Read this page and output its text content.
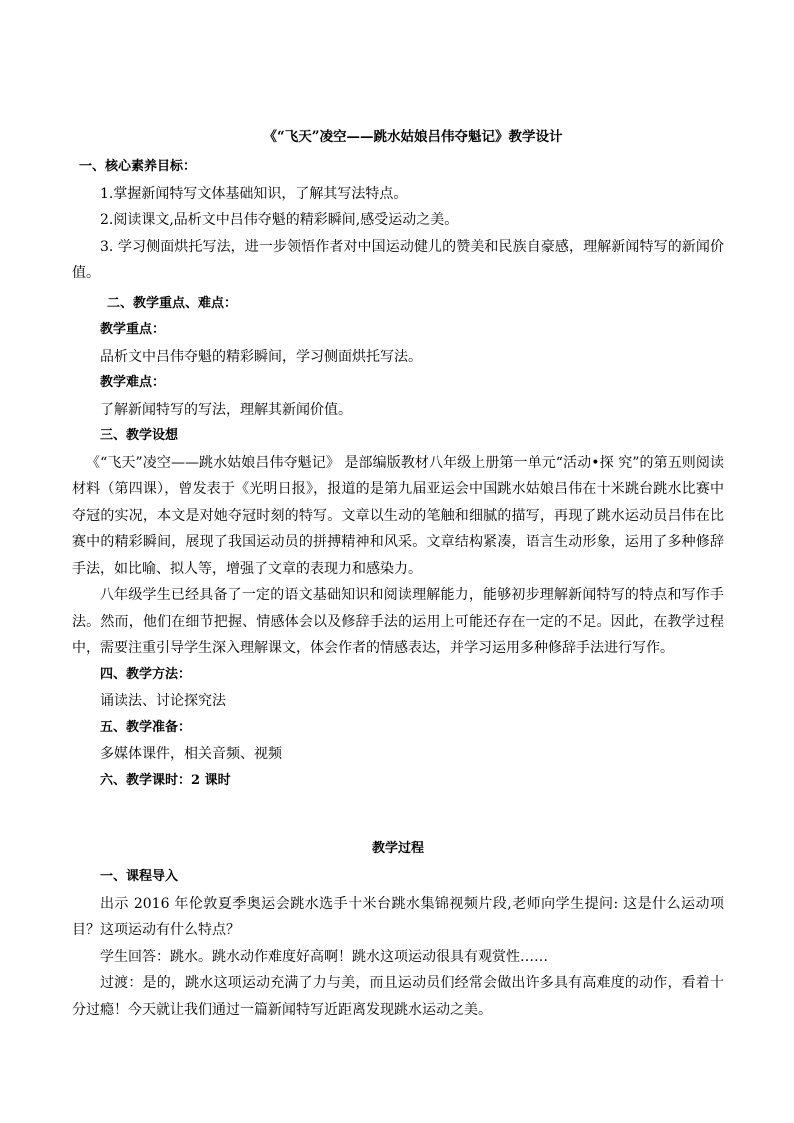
《“飞天”凌空——跳水姑娘吕伟夺魁记》教学设计
一、核心素养目标：
1.掌握新闻特写文体基础知识，了解其写法特点。
2.阅读课文,品析文中吕伟夺魁的精彩瞬间,感受运动之美。
3. 学习侧面烘托写法，进一步领悟作者对中国运动健儿的赞美和民族自豪感，理解新闻特写的新闻价值。
二、教学重点、难点：
教学重点：
品析文中吕伟夺魁的精彩瞬间，学习侧面烘托写法。
教学难点：
了解新闻特写的写法，理解其新闻价值。
三、教学设想
《“飞天”凌空——跳水姑娘吕伟夺魁记》 是部编版教材八年级上册第一单元“活动•探 究”的第五则阅读材料（第四课），曾发表于《光明日报》，报道的是第九届亚运会中国跳水姑娘吕伟在十米跳台跳水比赛中夺冠的实况，本文是对她夺冠时刻的特写。文章以生动的笔触和细腻的描写，再现了跳水运动员吕伟在比赛中的精彩瞬间，展现了我国运动员的拼搏精神和风采。文章结构紧凑，语言生动形象，运用了多种修辞手法，如比喻、拟人等，增强了文章的表现力和感染力。
八年级学生已经具备了一定的语文基础知识和阅读理解能力，能够初步理解新闻特写的特点和写作手法。然而，他们在细节把握、情感体会以及修辞手法的运用上可能还存在一定的不足。因此，在教学过程中，需要注重引导学生深入理解课文，体会作者的情感表达，并学习运用多种修辞手法进行写作。
四、教学方法：
诵读法、讨论探究法
五、教学准备：
多媒体课件，相关音频、视频
六、教学课时：2 课时
教学过程
一、课程导入
出示 2016 年伦敦夏季奥运会跳水选手十米台跳水集锦视频片段,老师向学生提问: 这是什么运动项目？这项运动有什么特点？
学生回答：跳水。跳水动作难度好高啊！跳水这项运动很具有观赏性……
过渡：是的，跳水这项运动充满了力与美，而且运动员们经常会做出许多具有高难度的动作，看着十分过瘾！今天就让我们通过一篇新闻特写近距离发现跳水运动之美。
